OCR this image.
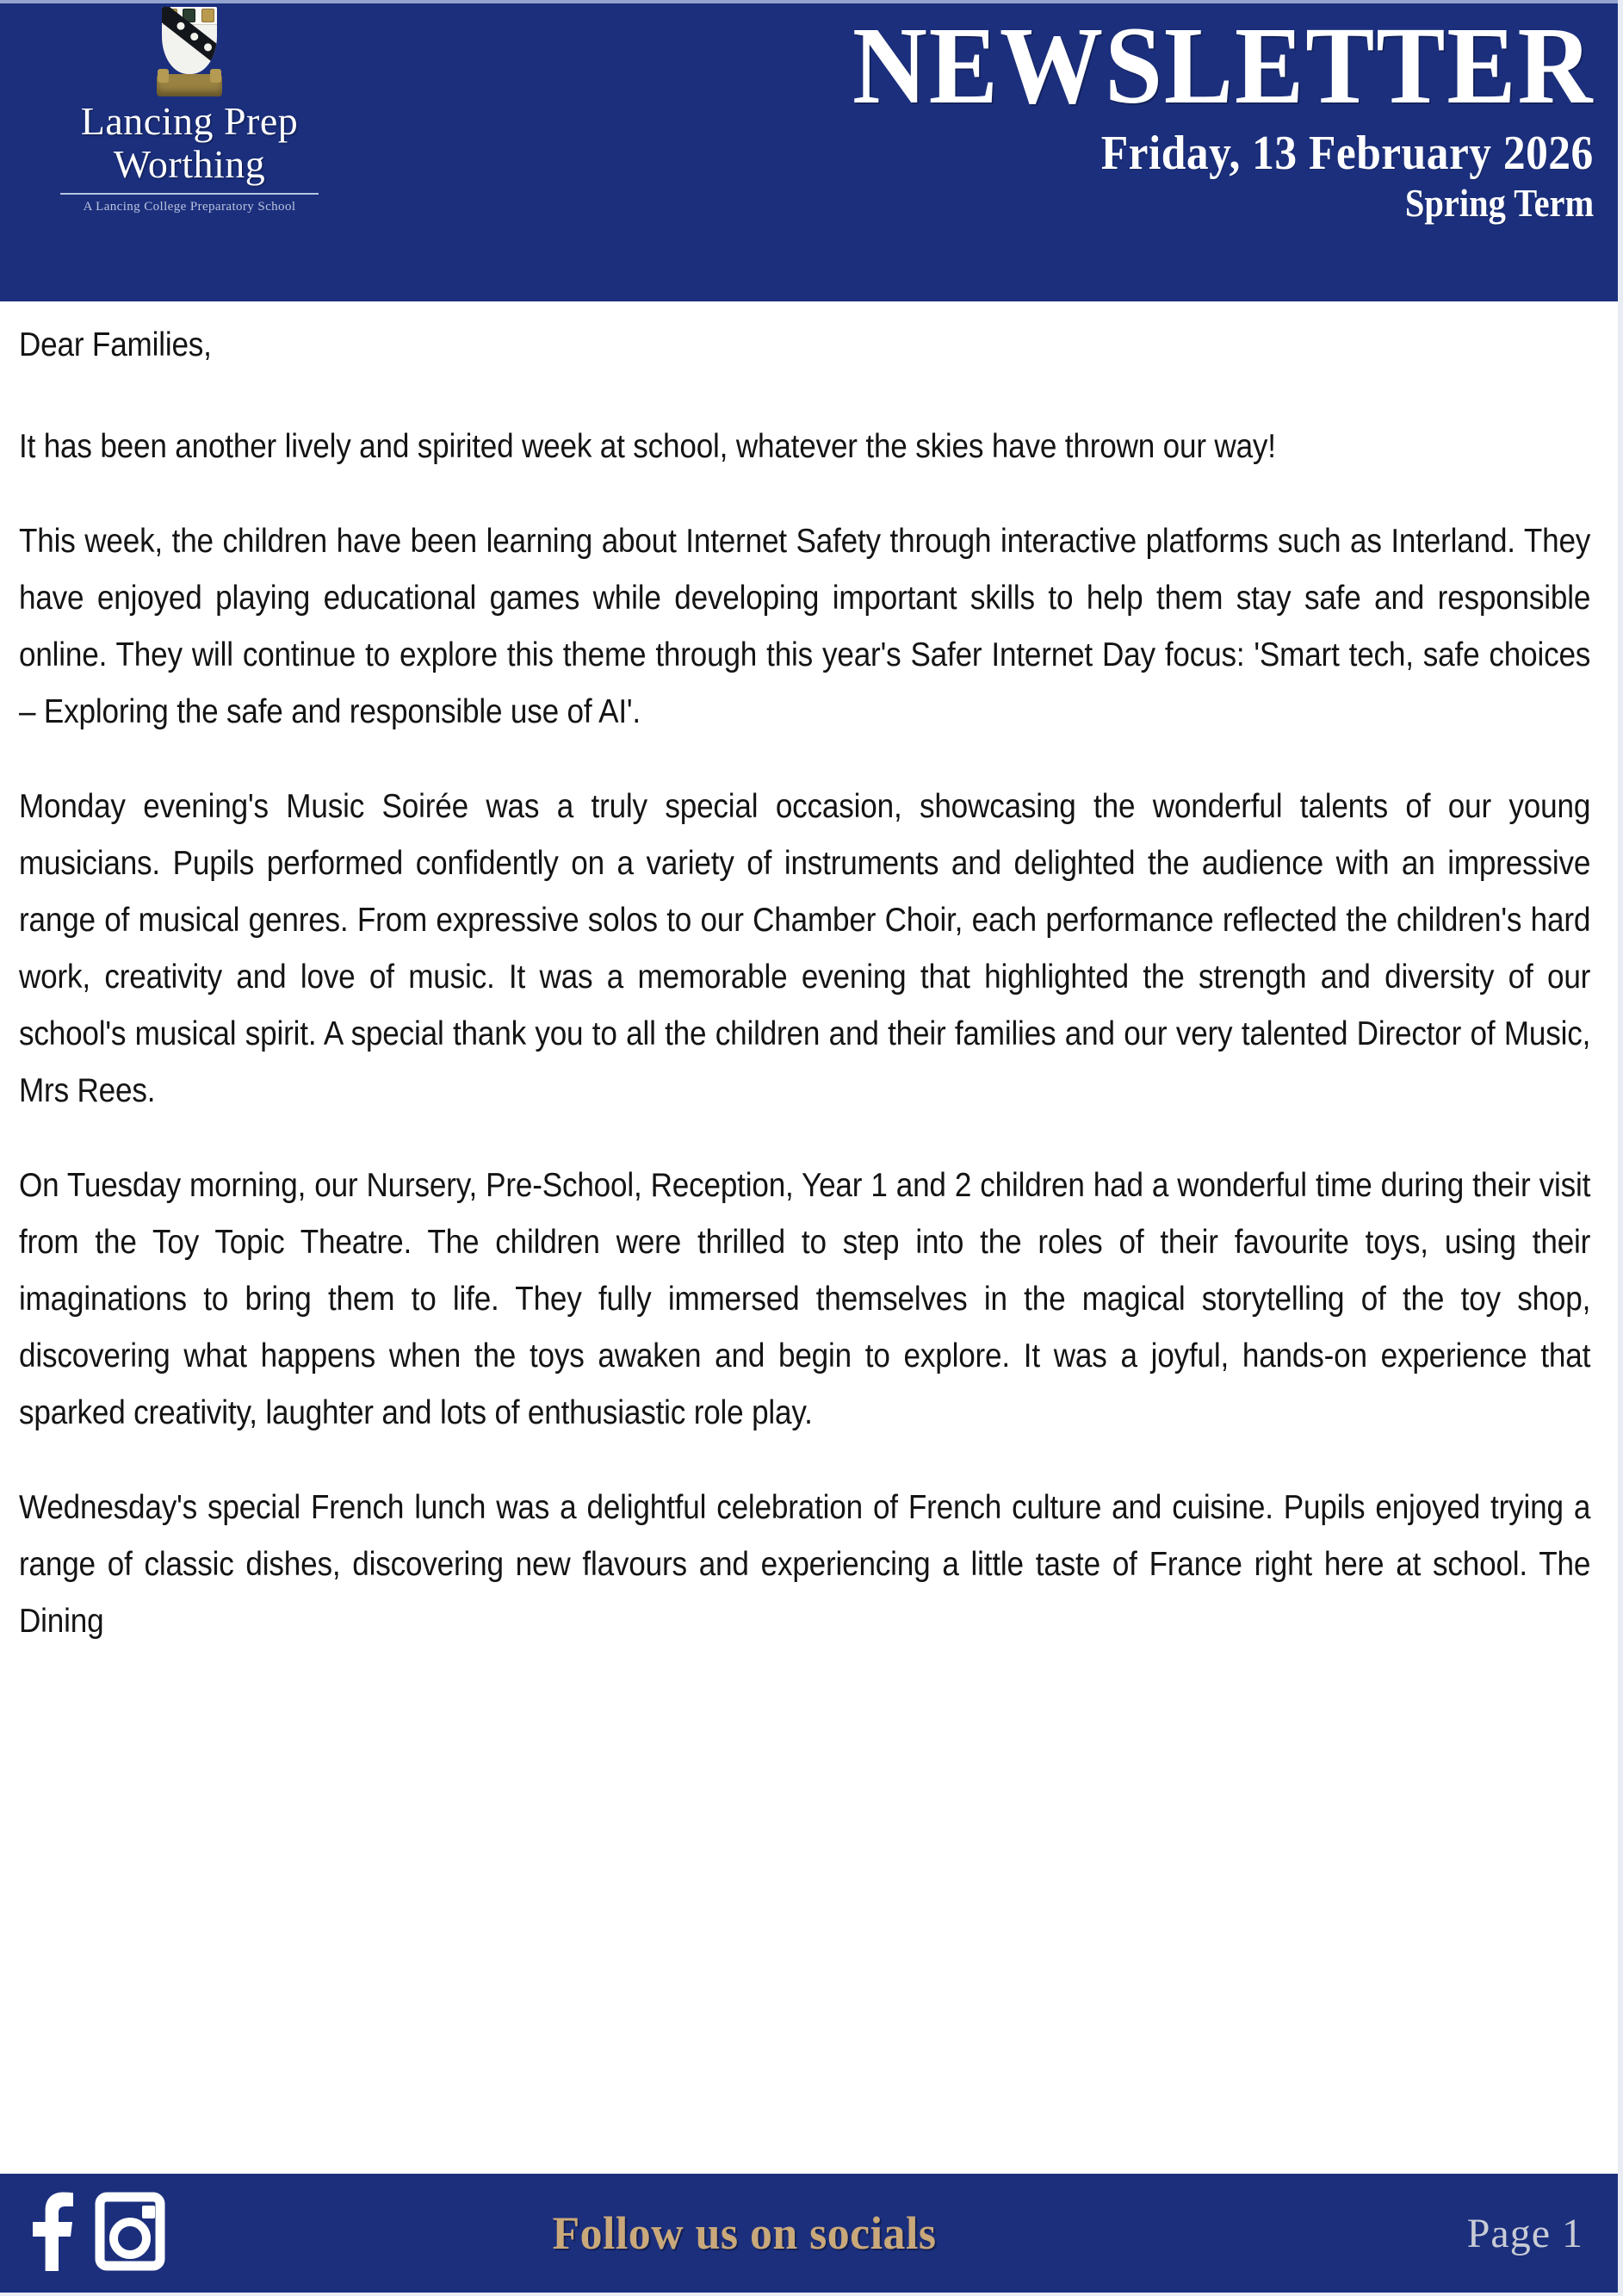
Lancing Prep
Worthing
A Lancing College Preparatory School
NEWSLETTER
Friday, 13 February 2026
Spring Term

Dear Families,

It has been another lively and spirited week at school, whatever the skies have thrown our way!

This week, the children have been learning about Internet Safety through interactive platforms such as Interland. They have enjoyed playing educational games while developing important skills to help them stay safe and responsible online. They will continue to explore this theme through this year's Safer Internet Day focus: 'Smart tech, safe choices – Exploring the safe and responsible use of AI'.

Monday evening's Music Soirée was a truly special occasion, showcasing the wonderful talents of our young musicians. Pupils performed confidently on a variety of instruments and delighted the audience with an impressive range of musical genres. From expressive solos to our Chamber Choir, each performance reflected the children's hard work, creativity and love of music. It was a memorable evening that highlighted the strength and diversity of our school's musical spirit. A special thank you to all the children and their families and our very talented Director of Music, Mrs Rees.

On Tuesday morning, our Nursery, Pre-School, Reception, Year 1 and 2 children had a wonderful time during their visit from the Toy Topic Theatre. The children were thrilled to step into the roles of their favourite toys, using their imaginations to bring them to life. They fully immersed themselves in the magical storytelling of the toy shop, discovering what happens when the toys awaken and begin to explore. It was a joyful, hands-on experience that sparked creativity, laughter and lots of enthusiastic role play.

Wednesday's special French lunch was a delightful celebration of French culture and cuisine. Pupils enjoyed trying a range of classic dishes, discovering new flavours and experiencing a little taste of France right here at school. The Dining

Follow us on socials	Page 1
